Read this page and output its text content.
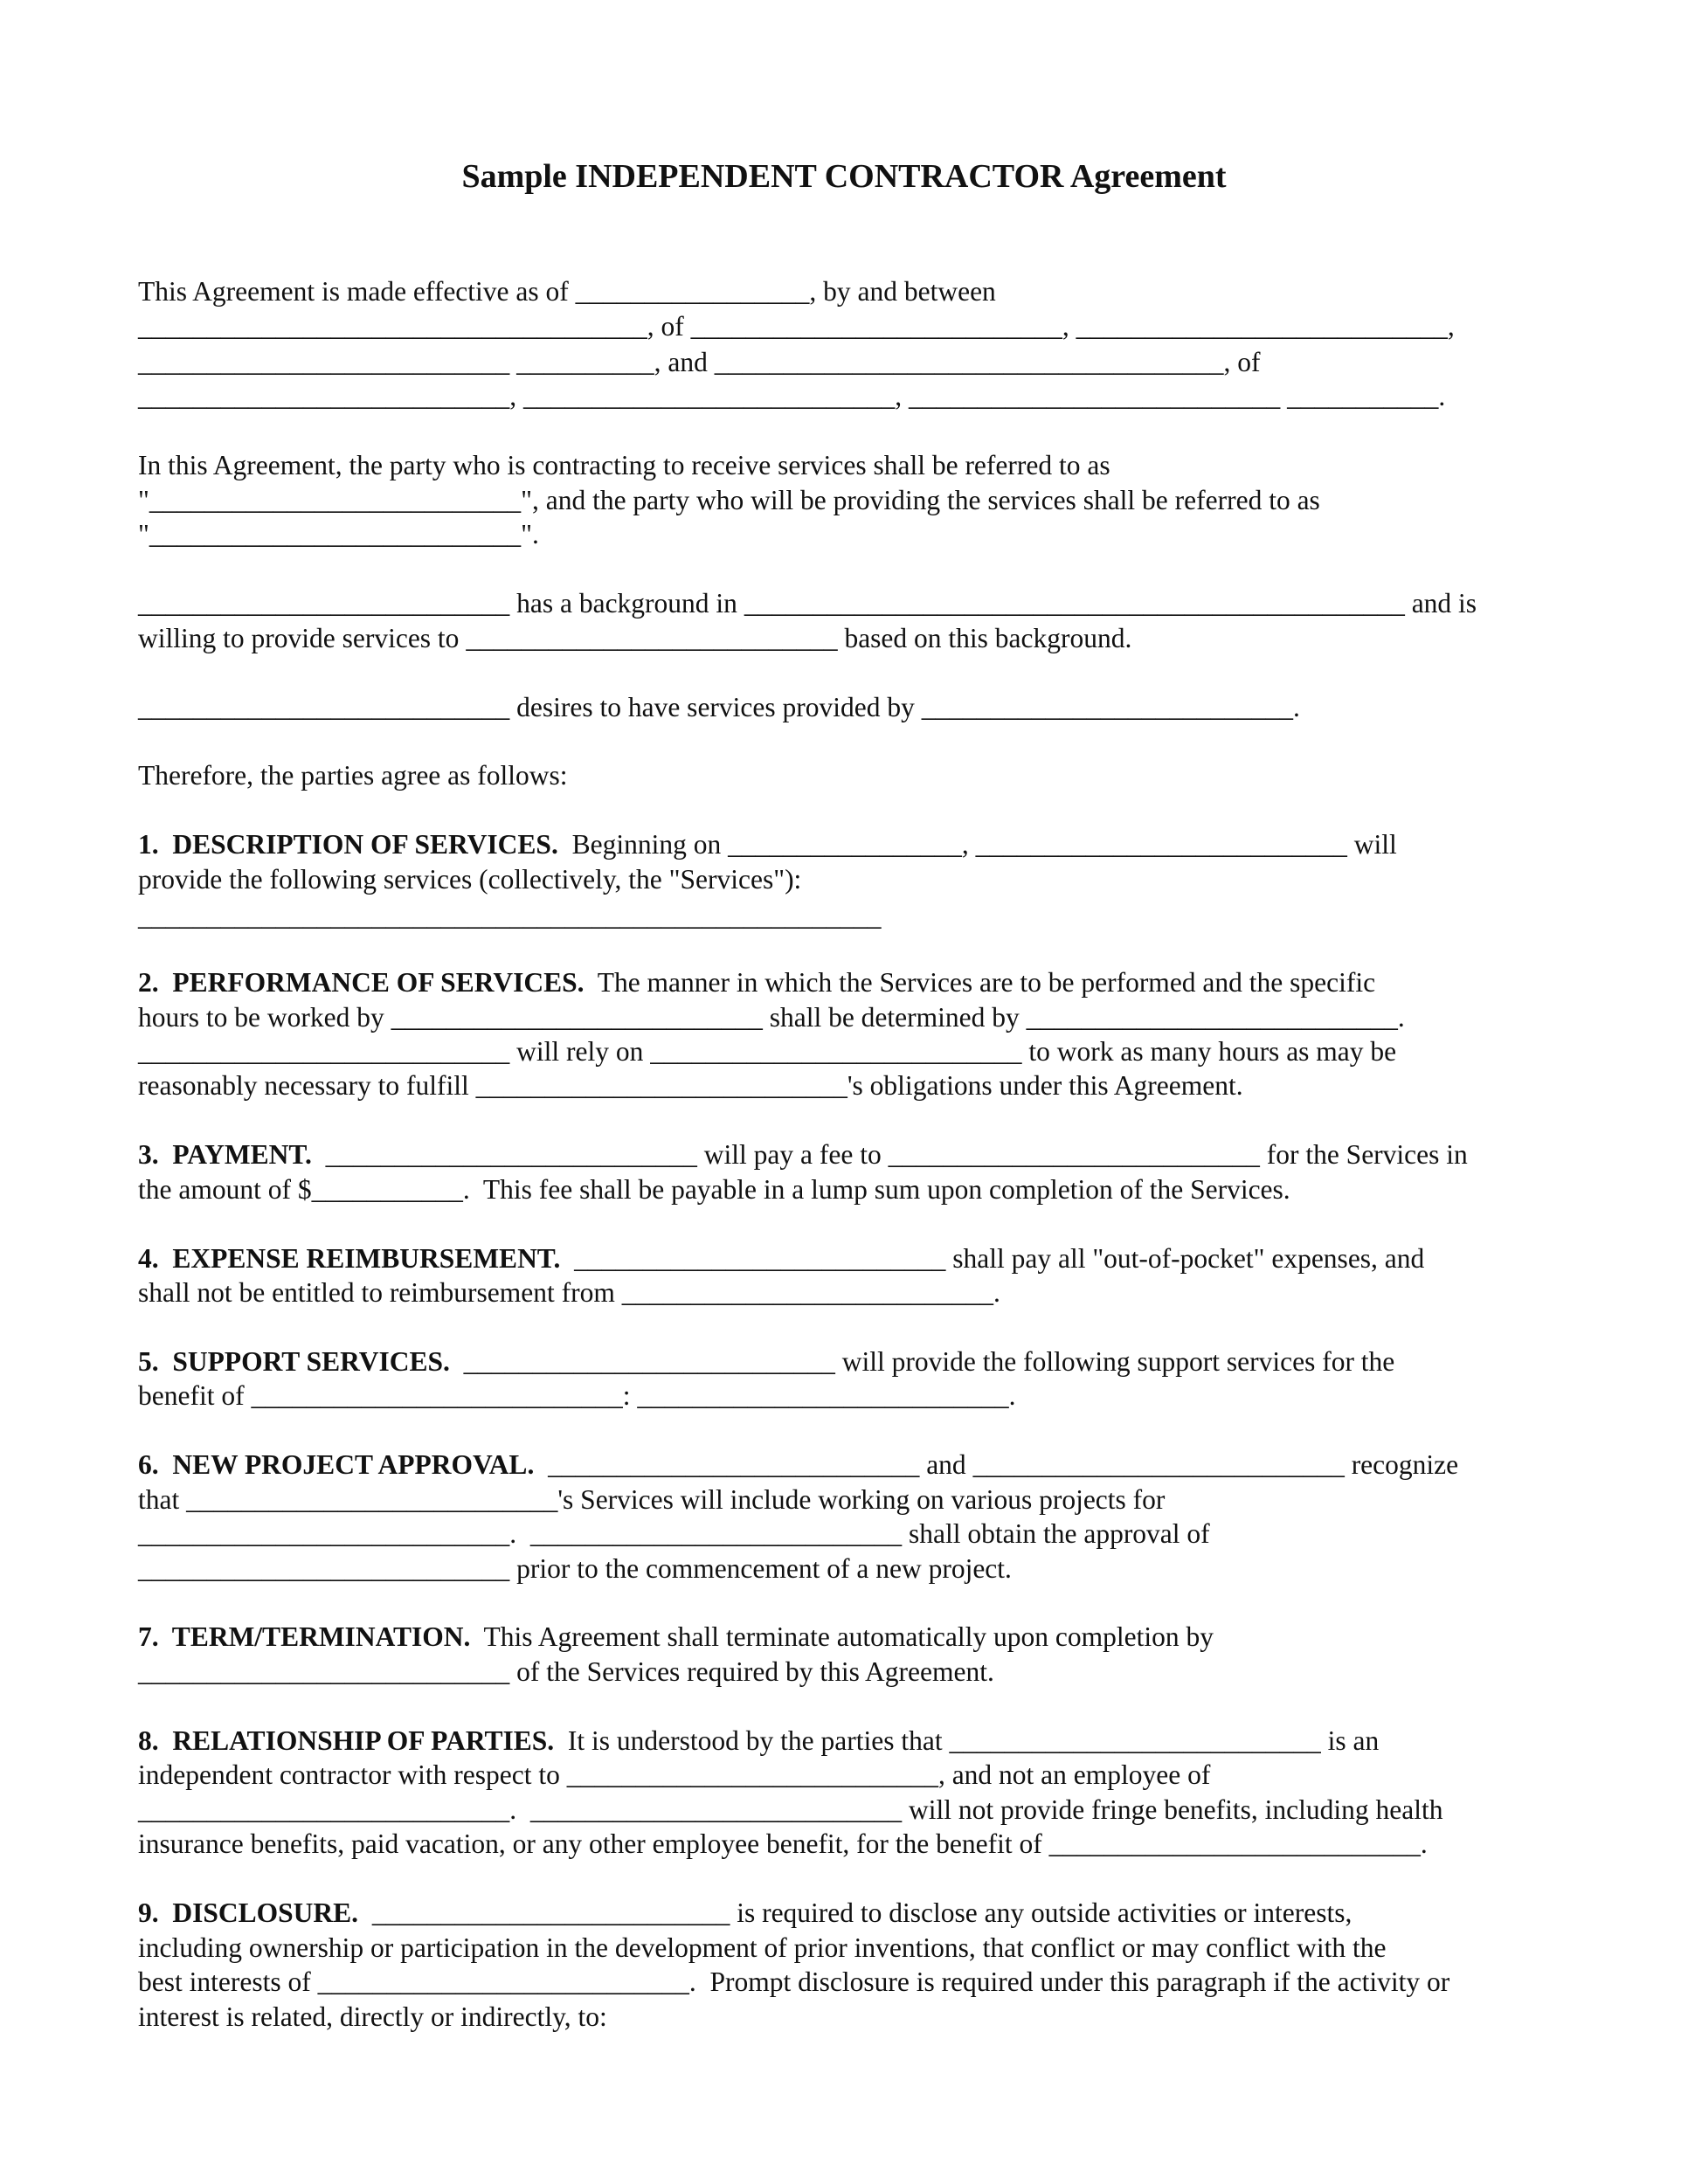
Sample INDEPENDENT CONTRACTOR Agreement
This Agreement is made effective as of _________________, by and between
_____________________________________, of ___________________________, ___________________________,
___________________________ __________, and _____________________________________, of
___________________________, ___________________________, ___________________________ ___________.
In this Agreement, the party who is contracting to receive services shall be referred to as
"___________________________", and the party who will be providing the services shall be referred to as
"___________________________".
___________________________ has a background in ________________________________________________ and is
willing to provide services to ___________________________ based on this background.
___________________________ desires to have services provided by ___________________________.
Therefore, the parties agree as follows:
1.  DESCRIPTION OF SERVICES.  Beginning on _________________, ___________________________ will
provide the following services (collectively, the "Services"):
______________________________________________________
2.  PERFORMANCE OF SERVICES.  The manner in which the Services are to be performed and the specific
hours to be worked by ___________________________ shall be determined by ___________________________.
___________________________ will rely on ___________________________ to work as many hours as may be
reasonably necessary to fulfill ___________________________'s obligations under this Agreement.
3.  PAYMENT. ___________________________ will pay a fee to ___________________________ for the Services in
the amount of $___________.  This fee shall be payable in a lump sum upon completion of the Services.
4.  EXPENSE REIMBURSEMENT. ___________________________ shall pay all "out-of-pocket" expenses, and
shall not be entitled to reimbursement from ___________________________.
5.  SUPPORT SERVICES. ___________________________ will provide the following support services for the
benefit of ___________________________: ___________________________.
6.  NEW PROJECT APPROVAL. ___________________________ and ___________________________ recognize
that ___________________________'s Services will include working on various projects for
___________________________.  ___________________________ shall obtain the approval of
___________________________ prior to the commencement of a new project.
7.  TERM/TERMINATION.  This Agreement shall terminate automatically upon completion by
___________________________ of the Services required by this Agreement.
8.  RELATIONSHIP OF PARTIES.  It is understood by the parties that ___________________________ is an
independent contractor with respect to ___________________________, and not an employee of
___________________________.  ___________________________ will not provide fringe benefits, including health
insurance benefits, paid vacation, or any other employee benefit, for the benefit of ___________________________.
9.  DISCLOSURE. __________________________ is required to disclose any outside activities or interests,
including ownership or participation in the development of prior inventions, that conflict or may conflict with the
best interests of ___________________________.  Prompt disclosure is required under this paragraph if the activity or
interest is related, directly or indirectly, to:
